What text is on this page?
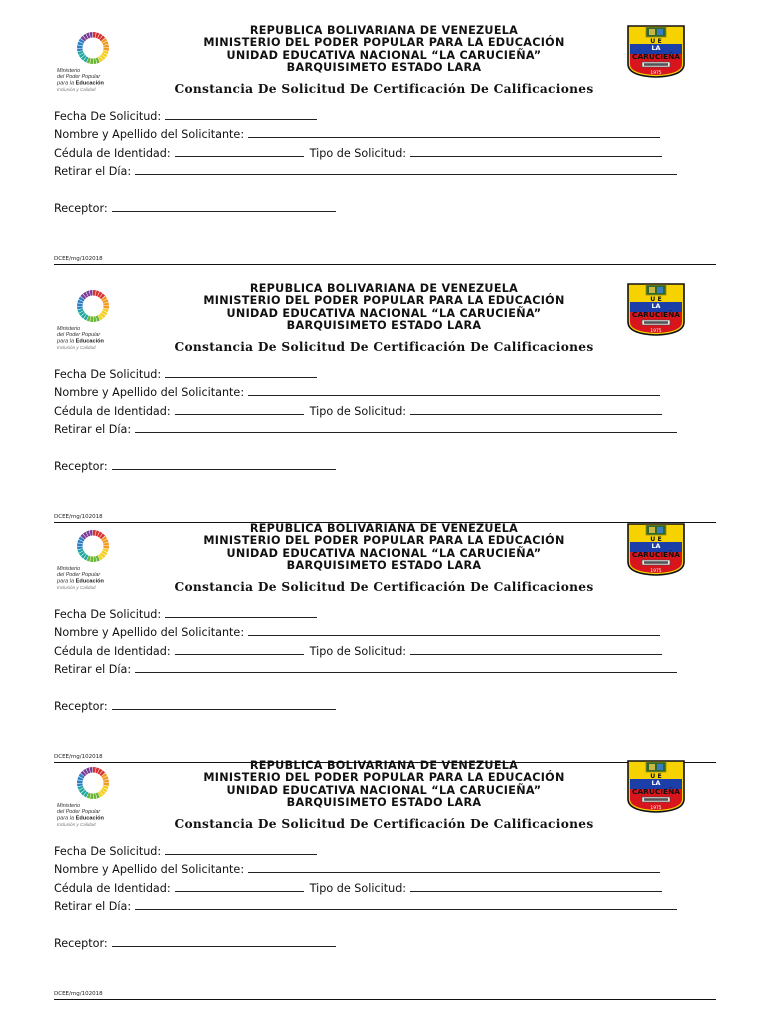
Ministerio
del Poder Popular
para la Educación
Inclusión y Calidad
REPUBLICA BOLIVARIANA DE VENEZUELA
MINISTERIO DEL PODER POPULAR PARA LA EDUCACIÓN
UNIDAD EDUCATIVA NACIONAL “LA CARUCIEÑA”
BARQUISIMETO ESTADO LARA
U E
LA
CARUCIEÑA
1975
Constancia De Solicitud De Certificación De Calificaciones
Fecha De Solicitud:
Nombre y Apellido del Solicitante:
Cédula de Identidad:	Tipo de Solicitud:
Retirar el Día:
Receptor:
DCEE/mg/102018
Ministerio
del Poder Popular
para la Educación
Inclusión y Calidad
REPUBLICA BOLIVARIANA DE VENEZUELA
MINISTERIO DEL PODER POPULAR PARA LA EDUCACIÓN
UNIDAD EDUCATIVA NACIONAL “LA CARUCIEÑA”
BARQUISIMETO ESTADO LARA
U E
LA
CARUCIEÑA
1975
Constancia De Solicitud De Certificación De Calificaciones
Fecha De Solicitud:
Nombre y Apellido del Solicitante:
Cédula de Identidad:	Tipo de Solicitud:
Retirar el Día:
Receptor:
DCEE/mg/102018
Ministerio
del Poder Popular
para la Educación
Inclusión y Calidad
REPUBLICA BOLIVARIANA DE VENEZUELA
MINISTERIO DEL PODER POPULAR PARA LA EDUCACIÓN
UNIDAD EDUCATIVA NACIONAL “LA CARUCIEÑA”
BARQUISIMETO ESTADO LARA
U E
LA
CARUCIEÑA
1975
Constancia De Solicitud De Certificación De Calificaciones
Fecha De Solicitud:
Nombre y Apellido del Solicitante:
Cédula de Identidad:	Tipo de Solicitud:
Retirar el Día:
Receptor:
DCEE/mg/102018
Ministerio
del Poder Popular
para la Educación
Inclusión y Calidad
REPUBLICA BOLIVARIANA DE VENEZUELA
MINISTERIO DEL PODER POPULAR PARA LA EDUCACIÓN
UNIDAD EDUCATIVA NACIONAL “LA CARUCIEÑA”
BARQUISIMETO ESTADO LARA
U E
LA
CARUCIEÑA
1975
Constancia De Solicitud De Certificación De Calificaciones
Fecha De Solicitud:
Nombre y Apellido del Solicitante:
Cédula de Identidad:	Tipo de Solicitud:
Retirar el Día:
Receptor:
DCEE/mg/102018
